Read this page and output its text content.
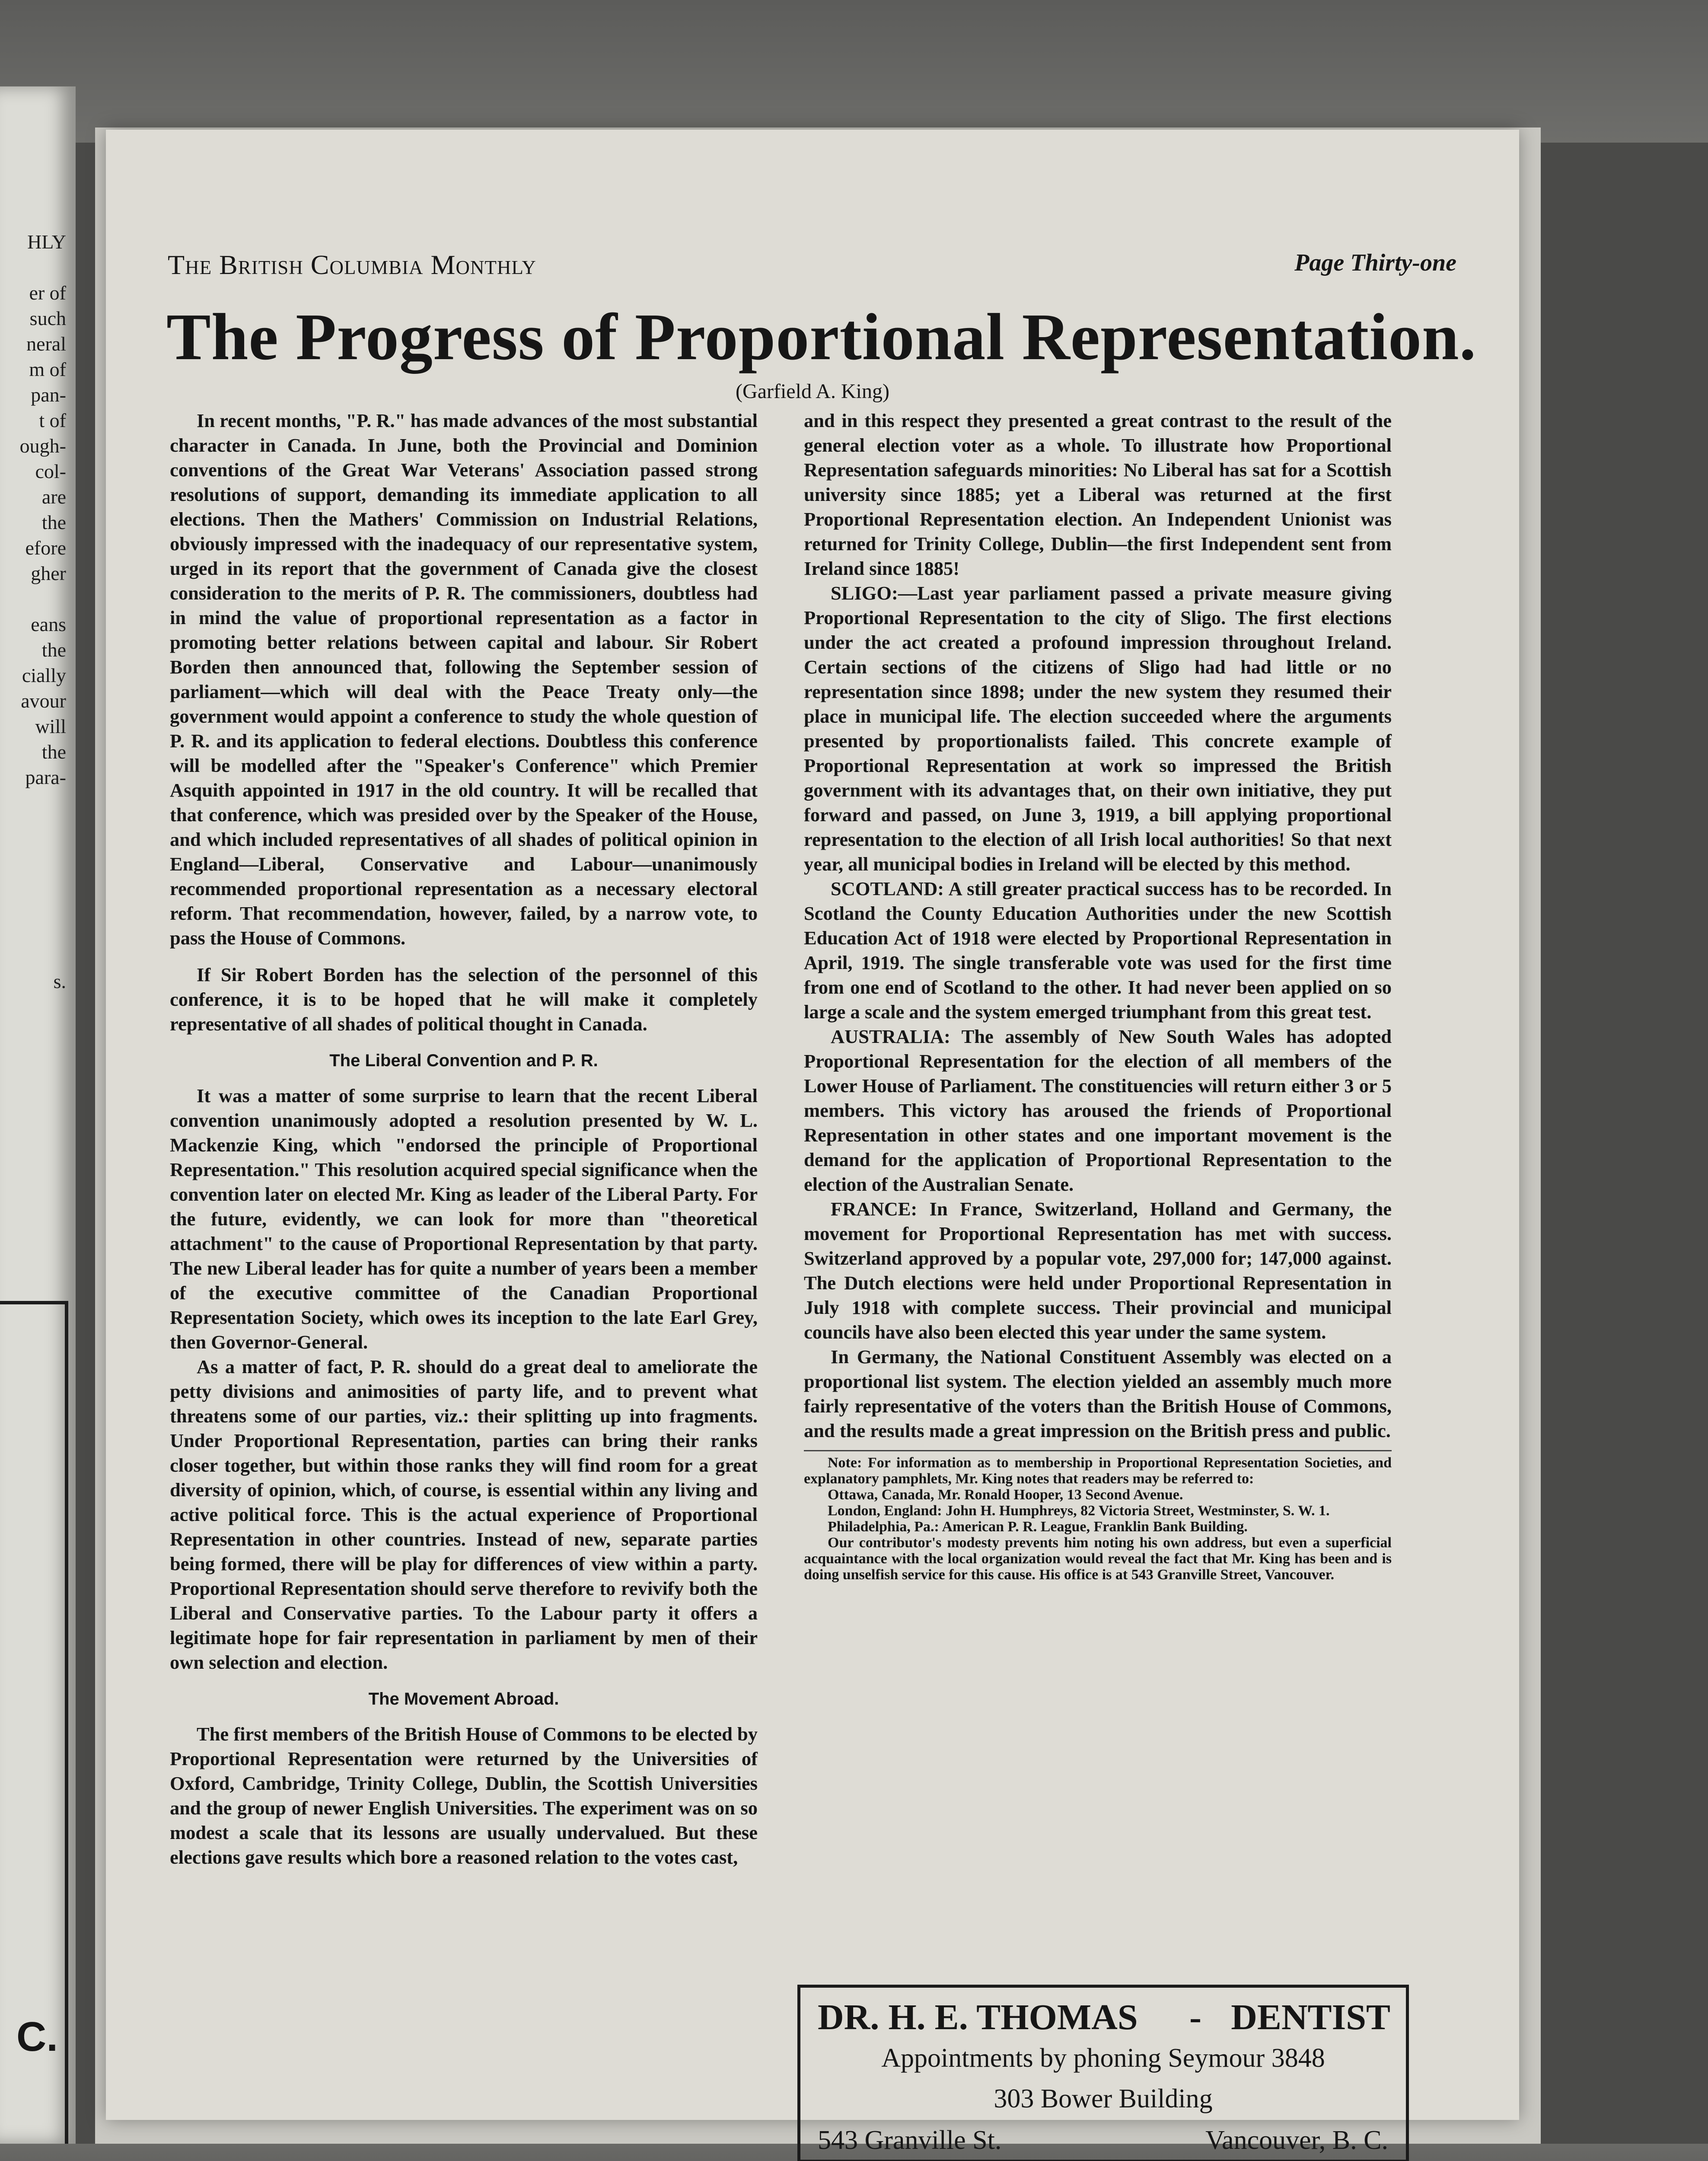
HLY

er of
such
neral
m of
pan-
t of
ough-
col-
are
the
efore
gher

eans
the
cially
avour
will
the
para-

s.
C.
The British Columbia Monthly	Page Thirty-one
The Progress of Proportional Representation.
(Garfield A. King)

In recent months, "P. R." has made advances of the most substantial character in Canada. In June, both the Provincial and Dominion conventions of the Great War Veterans' Association passed strong resolutions of support, demanding its immediate application to all elections. Then the Mathers' Commission on Industrial Relations, obviously impressed with the inadequacy of our representative system, urged in its report that the government of Canada give the closest consideration to the merits of P. R. The commissioners, doubtless had in mind the value of proportional representation as a factor in promoting better relations between capital and labour. Sir Robert Borden then announced that, following the September session of parliament—which will deal with the Peace Treaty only—the government would appoint a conference to study the whole question of P. R. and its application to federal elections. Doubtless this conference will be modelled after the "Speaker's Conference" which Premier Asquith appointed in 1917 in the old country. It will be recalled that that conference, which was presided over by the Speaker of the House, and which included representatives of all shades of political opinion in England—Liberal, Conservative and Labour—unanimously recommended proportional representation as a necessary electoral reform. That recommendation, however, failed, by a narrow vote, to pass the House of Commons.

If Sir Robert Borden has the selection of the personnel of this conference, it is to be hoped that he will make it completely representative of all shades of political thought in Canada.

The Liberal Convention and P. R.

It was a matter of some surprise to learn that the recent Liberal convention unanimously adopted a resolution presented by W. L. Mackenzie King, which "endorsed the principle of Proportional Representation." This resolution acquired special significance when the convention later on elected Mr. King as leader of the Liberal Party. For the future, evidently, we can look for more than "theoretical attachment" to the cause of Proportional Representation by that party. The new Liberal leader has for quite a number of years been a member of the executive committee of the Canadian Proportional Representation Society, which owes its inception to the late Earl Grey, then Governor-General.

As a matter of fact, P. R. should do a great deal to ameliorate the petty divisions and animosities of party life, and to prevent what threatens some of our parties, viz.: their splitting up into fragments. Under Proportional Representation, parties can bring their ranks closer together, but within those ranks they will find room for a great diversity of opinion, which, of course, is essential within any living and active political force. This is the actual experience of Proportional Representation in other countries. Instead of new, separate parties being formed, there will be play for differences of view within a party. Proportional Representation should serve therefore to revivify both the Liberal and Conservative parties. To the Labour party it offers a legitimate hope for fair representation in parliament by men of their own selection and election.

The Movement Abroad.

The first members of the British House of Commons to be elected by Proportional Representation were returned by the Universities of Oxford, Cambridge, Trinity College, Dublin, the Scottish Universities and the group of newer English Universities. The experiment was on so modest a scale that its lessons are usually undervalued. But these elections gave results which bore a reasoned relation to the votes cast,

and in this respect they presented a great contrast to the result of the general election voter as a whole. To illustrate how Proportional Representation safeguards minorities: No Liberal has sat for a Scottish university since 1885; yet a Liberal was returned at the first Proportional Representation election. An Independent Unionist was returned for Trinity College, Dublin—the first Independent sent from Ireland since 1885!

SLIGO:—Last year parliament passed a private measure giving Proportional Representation to the city of Sligo. The first elections under the act created a profound impression throughout Ireland. Certain sections of the citizens of Sligo had had little or no representation since 1898; under the new system they resumed their place in municipal life. The election succeeded where the arguments presented by proportionalists failed. This concrete example of Proportional Representation at work so impressed the British government with its advantages that, on their own initiative, they put forward and passed, on June 3, 1919, a bill applying proportional representation to the election of all Irish local authorities! So that next year, all municipal bodies in Ireland will be elected by this method.

SCOTLAND: A still greater practical success has to be recorded. In Scotland the County Education Authorities under the new Scottish Education Act of 1918 were elected by Proportional Representation in April, 1919. The single transferable vote was used for the first time from one end of Scotland to the other. It had never been applied on so large a scale and the system emerged triumphant from this great test.

AUSTRALIA: The assembly of New South Wales has adopted Proportional Representation for the election of all members of the Lower House of Parliament. The constituencies will return either 3 or 5 members. This victory has aroused the friends of Proportional Representation in other states and one important movement is the demand for the application of Proportional Representation to the election of the Australian Senate.

FRANCE: In France, Switzerland, Holland and Germany, the movement for Proportional Representation has met with success. Switzerland approved by a popular vote, 297,000 for; 147,000 against. The Dutch elections were held under Proportional Representation in July 1918 with complete success. Their provincial and municipal councils have also been elected this year under the same system.

In Germany, the National Constituent Assembly was elected on a proportional list system. The election yielded an assembly much more fairly representative of the voters than the British House of Commons, and the results made a great impression on the British press and public.

Note: For information as to membership in Proportional Representation Societies, and explanatory pamphlets, Mr. King notes that readers may be referred to:
Ottawa, Canada, Mr. Ronald Hooper, 13 Second Avenue.
London, England: John H. Humphreys, 82 Victoria Street, Westminster, S. W. 1.
Philadelphia, Pa.: American P. R. League, Franklin Bank Building.
Our contributor's modesty prevents him noting his own address, but even a superficial acquaintance with the local organization would reveal the fact that Mr. King has been and is doing unselfish service for this cause. His office is at 543 Granville Street, Vancouver.
DR. H. E. THOMAS - DENTIST
Appointments by phoning Seymour 3848
303 Bower Building
543 Granville St.	Vancouver, B. C.
